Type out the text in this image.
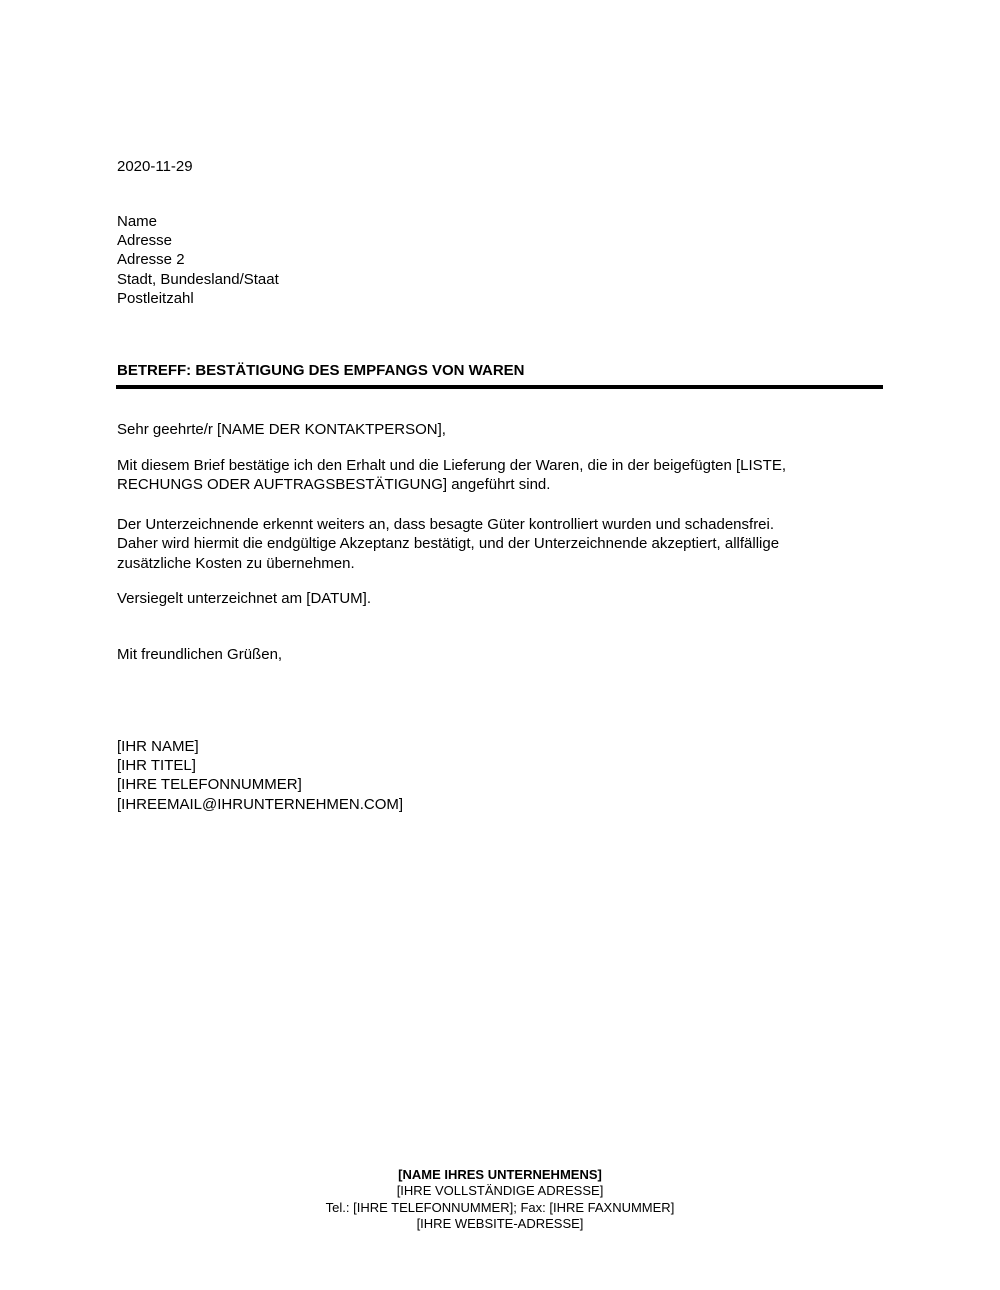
2020-11-29
Name
Adresse
Adresse 2
Stadt, Bundesland/Staat
Postleitzahl
BETREFF: BESTÄTIGUNG DES EMPFANGS VON WAREN
Sehr geehrte/r [NAME DER KONTAKTPERSON],
Mit diesem Brief bestätige ich den Erhalt und die Lieferung der Waren, die in der beigefügten [LISTE,
RECHUNGS ODER AUFTRAGSBESTÄTIGUNG] angeführt sind.
Der Unterzeichnende erkennt weiters an, dass besagte Güter kontrolliert wurden und schadensfrei.
Daher wird hiermit die endgültige Akzeptanz bestätigt, und der Unterzeichnende akzeptiert, allfällige
zusätzliche Kosten zu übernehmen.
Versiegelt unterzeichnet am [DATUM].
Mit freundlichen Grüßen,
[IHR NAME]
[IHR TITEL]
[IHRE TELEFONNUMMER]
[IHREEMAIL@IHRUNTERNEHMEN.COM]
[NAME IHRES UNTERNEHMENS]
[IHRE VOLLSTÄNDIGE ADRESSE]
Tel.: [IHRE TELEFONNUMMER]; Fax: [IHRE FAXNUMMER]
[IHRE WEBSITE-ADRESSE]
